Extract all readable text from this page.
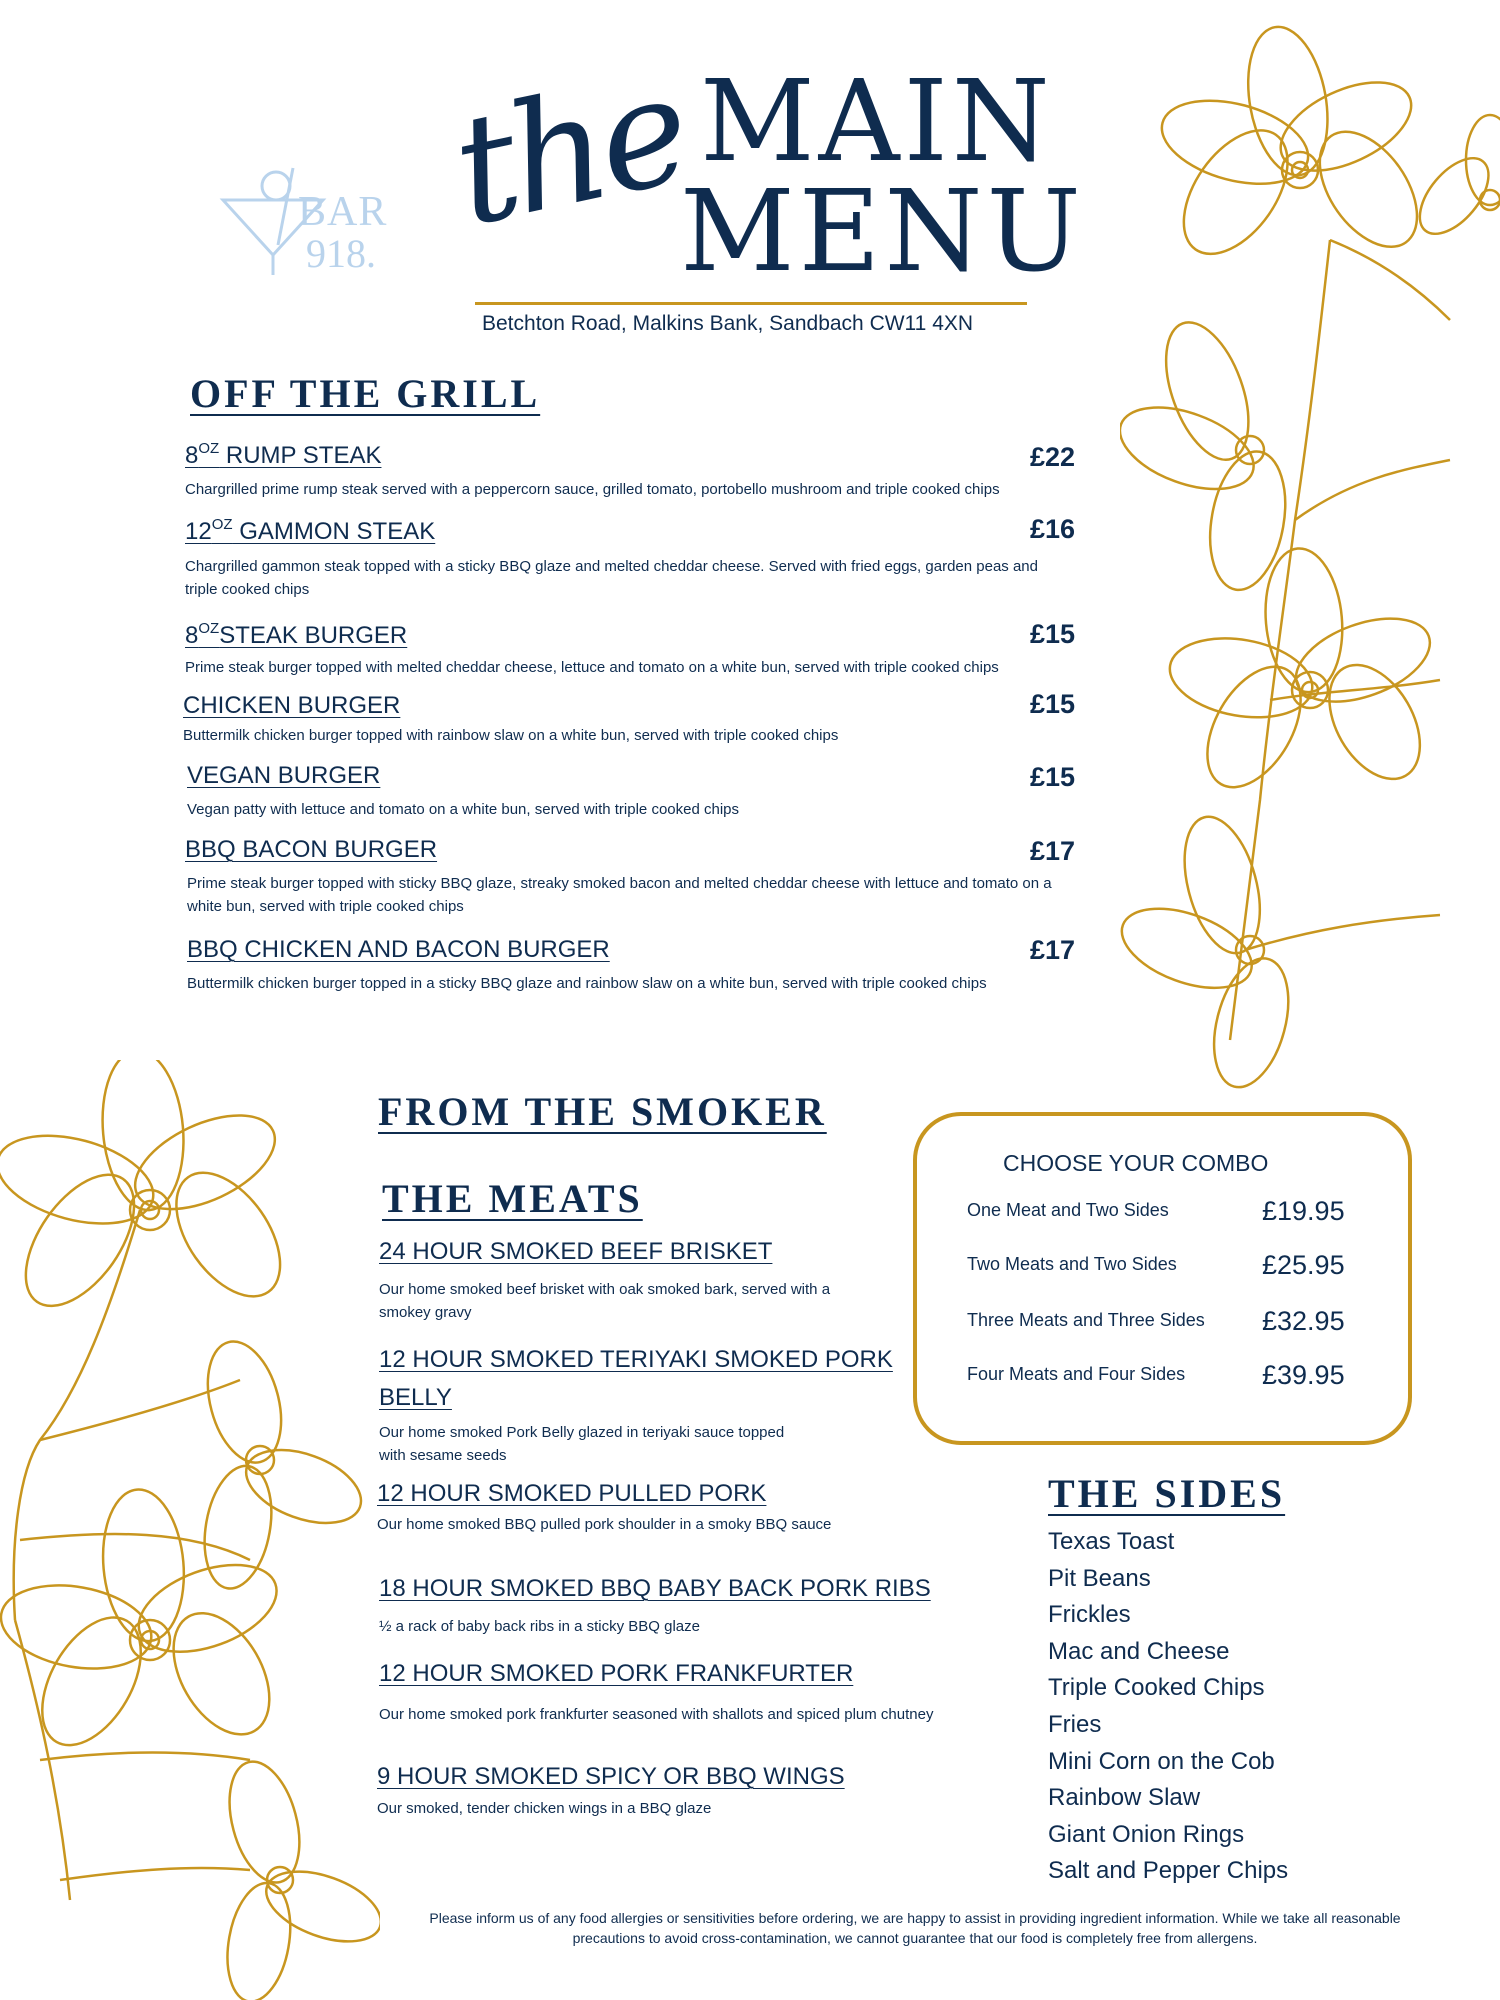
BAR
918. the MAIN
MENU
Betchton Road, Malkins Bank, Sandbach CW11 4XN
OFF THE GRILL
$8^{OZ}$ RUMP STEAK	£22
Chargrilled prime rump steak served with a peppercorn sauce, grilled tomato, portobello mushroom and triple cooked chips
$12^{OZ}$ GAMMON STEAK	£16
Chargrilled gammon steak topped with a sticky BBQ glaze and melted cheddar cheese. Served with fried eggs, garden peas and triple cooked chips
$8^{OZ}STEAK$ BURGER	£15
Prime steak burger topped with melted cheddar cheese, lettuce and tomato on a white bun, served with triple cooked chips
CHICKEN BURGER	£15
Buttermilk chicken burger topped with rainbow slaw on a white bun, served with triple cooked chips
VEGAN BURGER	£15
Vegan patty with lettuce and tomato on a white bun, served with triple cooked chips
BBQ BACON BURGER	£17
Prime steak burger topped with sticky BBQ glaze, streaky smoked bacon and melted cheddar cheese with lettuce and tomato on a white bun, served with triple cooked chips
BBQ CHICKEN AND BACON BURGER	£17
Buttermilk chicken burger topped in a sticky BBQ glaze and rainbow slaw on a white bun, served with triple cooked chips
FROM THE SMOKER
THE MEATS
24 HOUR SMOKED BEEF BRISKET
Our home smoked beef brisket with oak smoked bark, served with a smokey gravy
12 HOUR SMOKED TERIYAKI SMOKED PORK
BELLY
Our home smoked Pork Belly glazed in teriyaki sauce topped with sesame seeds
12 HOUR SMOKED PULLED PORK
Our home smoked BBQ pulled pork shoulder in a smoky BBQ sauce
18 HOUR SMOKED BBQ BABY BACK PORK RIBS
½ a rack of baby back ribs in a sticky BBQ glaze
12 HOUR SMOKED PORK FRANKFURTER
Our home smoked pork frankfurter seasoned with shallots and spiced plum chutney
9 HOUR SMOKED SPICY OR BBQ WINGS
Our smoked, tender chicken wings in a BBQ glaze
CHOOSE YOUR COMBO
One Meat and Two Sides	£19.95
Two Meats and Two Sides	£25.95
Three Meats and Three Sides £32.95
Four Meats and Four Sides	£39.95
THE SIDES
Texas Toast
Pit Beans
Frickles
Mac and Cheese
Triple Cooked Chips
Fries
Mini Corn on the Cob
Rainbow Slaw
Giant Onion Rings
Salt and Pepper Chips
Please inform us of any food allergies or sensitivities before ordering, we are happy to assist in providing ingredient information. While we take all reasonable precautions to avoid cross-contamination, we cannot guarantee that our food is completely free from allergens.
